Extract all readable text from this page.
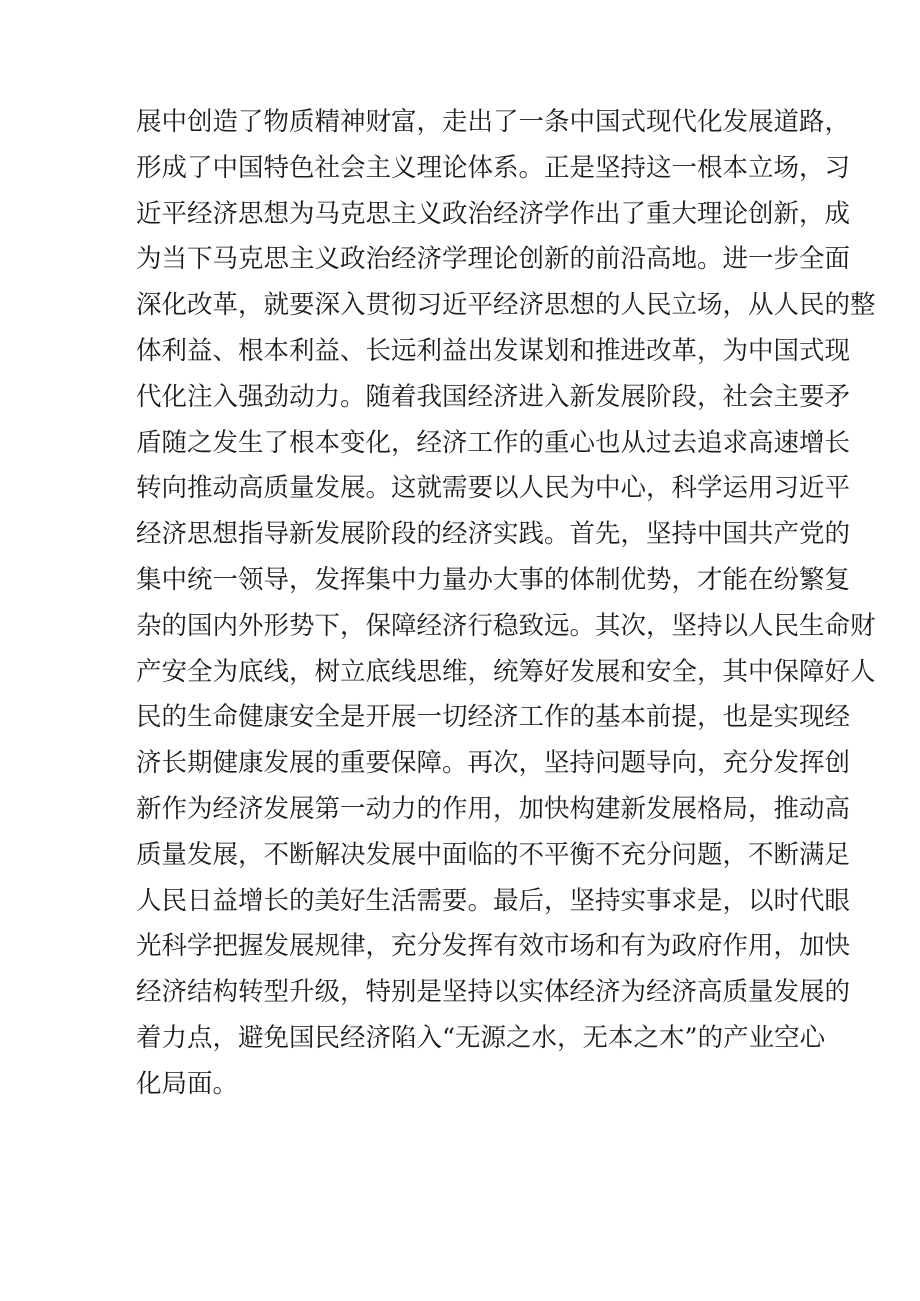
展中创造了物质精神财富，走出了一条中国式现代化发展道路，
形成了中国特色社会主义理论体系。正是坚持这一根本立场，习
近平经济思想为马克思主义政治经济学作出了重大理论创新，成
为当下马克思主义政治经济学理论创新的前沿高地。进一步全面
深化改革，就要深入贯彻习近平经济思想的人民立场，从人民的整
体利益、根本利益、长远利益出发谋划和推进改革，为中国式现
代化注入强劲动力。随着我国经济进入新发展阶段，社会主要矛
盾随之发生了根本变化，经济工作的重心也从过去追求高速增长
转向推动高质量发展。这就需要以人民为中心，科学运用习近平
经济思想指导新发展阶段的经济实践。首先，坚持中国共产党的
集中统一领导，发挥集中力量办大事的体制优势，才能在纷繁复
杂的国内外形势下，保障经济行稳致远。其次，坚持以人民生命财
产安全为底线，树立底线思维，统筹好发展和安全，其中保障好人
民的生命健康安全是开展一切经济工作的基本前提，也是实现经
济长期健康发展的重要保障。再次，坚持问题导向，充分发挥创
新作为经济发展第一动力的作用，加快构建新发展格局，推动高
质量发展，不断解决发展中面临的不平衡不充分问题，不断满足
人民日益增长的美好生活需要。最后，坚持实事求是，以时代眼
光科学把握发展规律，充分发挥有效市场和有为政府作用，加快
经济结构转型升级，特别是坚持以实体经济为经济高质量发展的
着力点，避免国民经济陷入“无源之水，无本之木”的产业空心
化局面。
